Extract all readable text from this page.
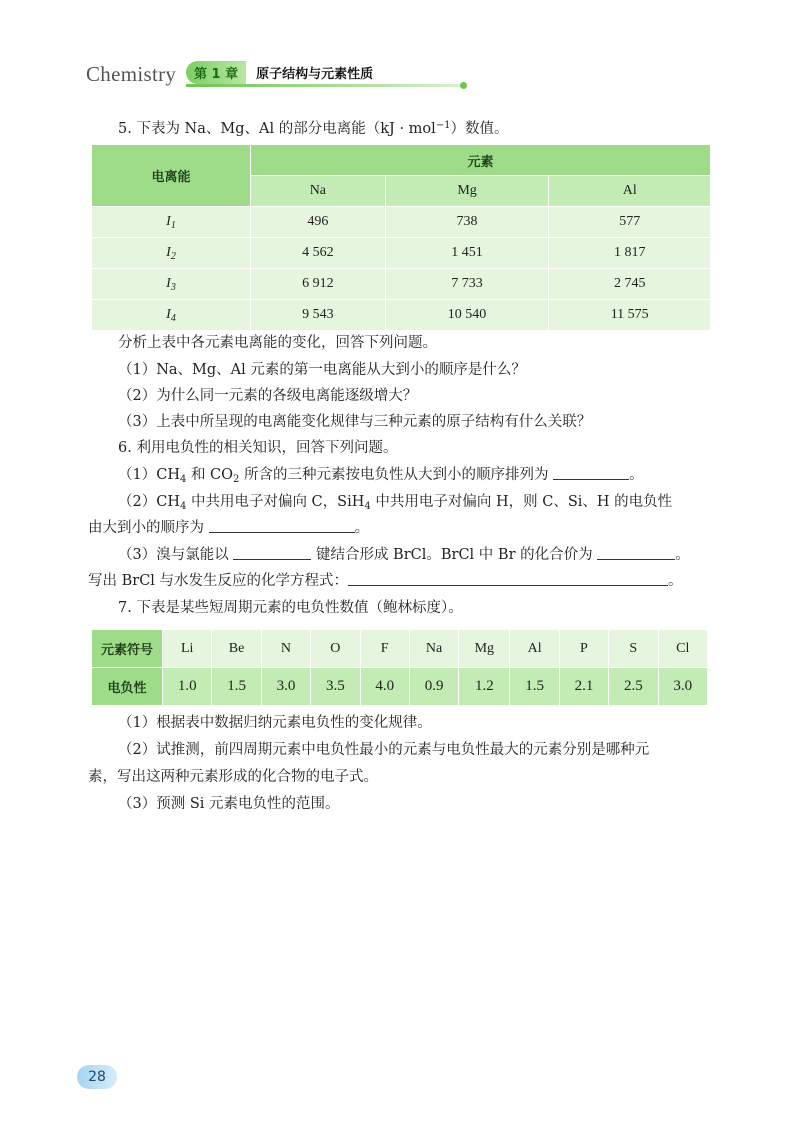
Chemistry	第 1 章	原子结构与元素性质
5. 下表为 Na、Mg、Al 的部分电离能（kJ · mol$^{-1}$）数值。
电离能	元素		
	Na	Mg	Al
$I_1$	496	738	577
$I_2$	4 562	1 451	1 817
$I_3$	6 912	7 733	2 745
$I_4$	9 543	10 540	11 575
分析上表中各元素电离能的变化，回答下列问题。
（1）Na、Mg、Al 元素的第一电离能从大到小的顺序是什么？
（2）为什么同一元素的各级电离能逐级增大？
（3）上表中所呈现的电离能变化规律与三种元素的原子结构有什么关联？
6. 利用电负性的相关知识，回答下列问题。
$(1)CH_4$ 和 $CO_2$ 所含的三种元素按电负性从大到小的顺序排列为	。
$(2)CH_4$ 中共用电子对偏向 C，SiH$_4$ 中共用电子对偏向 H，则 C、Si、H 的电负性
由大到小的顺序为	。
（3）溴与氯能以	键结合形成 BrCl。BrCl 中 Br 的化合价为	。
写出 BrCl 与水发生反应的化学方程式：	。
7. 下表是某些短周期元素的电负性数值（鲍林标度）。
元素符号	Li	Be	N	O	F	Na	Mg	Al	P	S	Cl
电负性	1.0	1.5	3.0	3.5	4.0	0.9	1.2	1.5	2.1	2.5	3.0
（1）根据表中数据归纳元素电负性的变化规律。
（2）试推测，前四周期元素中电负性最小的元素与电负性最大的元素分别是哪种元
素，写出这两种元素形成的化合物的电子式。
（3）预测 Si 元素电负性的范围。
28
